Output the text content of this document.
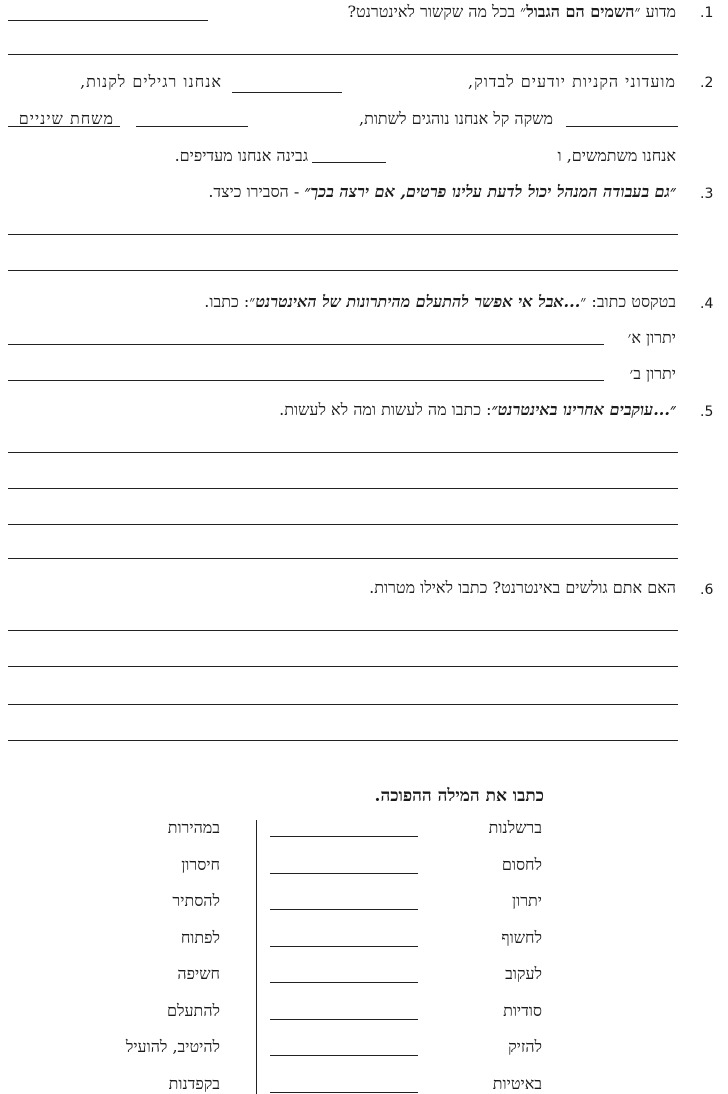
.1
מדוע ״השמים הם הגבול״ בכל מה שקשור לאינטרנט?
.2
מועדוני הקניות יודעים לבדוק,
אנחנו רגילים לקנות,
משקה קל אנחנו נוהגים לשתות,
משחת שיניים
אנחנו משתמשים, ו
גבינה אנחנו מעדיפים.
.3
״גם בעבודה המנהל יכול לדעת עלינו פרטים, אם ירצה בכך״ - הסבירו כיצד.
.4
בטקסט כתוב: ״...אבל אי אפשר להתעלם מהיתרונות של האינטרנט״: כתבו.
יתרון א׳
יתרון ב׳
.5
״...עוקבים אחרינו באינטרנט״: כתבו מה לעשות ומה לא לעשות.
.6
האם אתם גולשים באינטרנט? כתבו לאילו מטרות.
כתבו את המילה ההפוכה.
ברשלנות
במהירות
לחסום
חיסרון
יתרון
להסתיר
לחשוף
לפתוח
לעקוב
חשיפה
סודיות
להתעלם
להזיק
להיטיב, להועיל
באיטיות
בקפדנות
